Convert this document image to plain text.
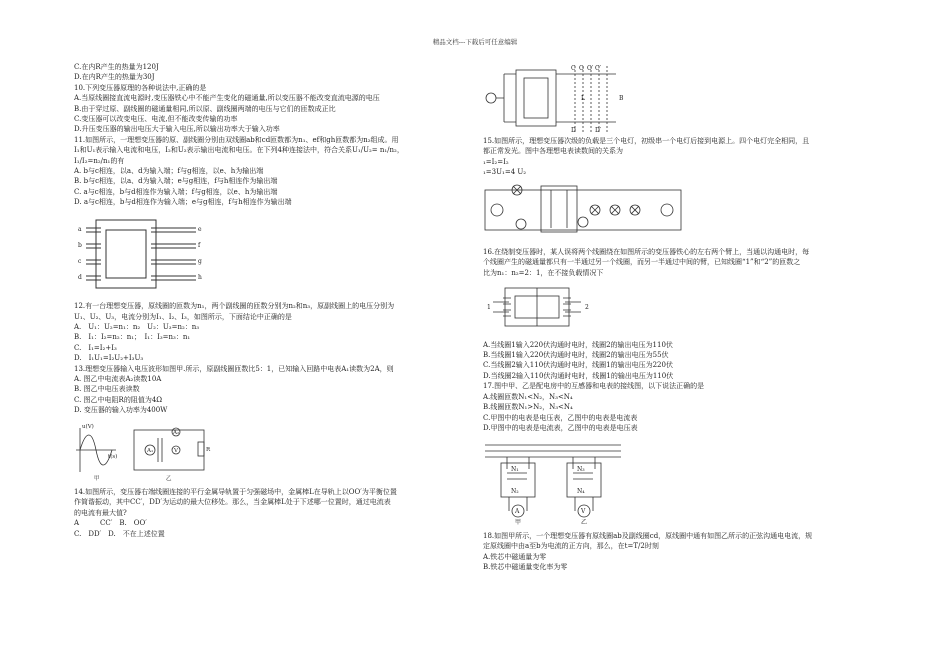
精品文档---下载后可任意编辑

C.在内R产生的热量为120J

D.在内R产生的热量为30J

10.下列变压器原理的各种说法中,正确的是

A.当原线圈接直流电源时,变压器铁心中不能产生变化的磁通量,所以变压器不能改变直流电源的电压

B.由于穿过原、副线圈的磁通量相同,所以原、副线圈两端的电压与它们的匝数成正比

C.变压器可以改变电压、电流,但不能改变传输的功率

D.升压变压器的输出电压大于输入电压,所以输出功率大于输入功率

11.如图所示，一理想变压器的原、副线圈分别由双线圈ab和cd匝数都为n₁、ef和gh匝数都为n₂组成。用

I₁和U₁表示输入电流和电压，I₂和U₂表示输出电流和电压。在下列4种连接法中，符合关系U₁/U₂= n₁/n₂，

I₁/I₂=n₂/n₁的有

A. b与c相连，以a、d为输入端；f与g相连，以e、h为输出端

B. b与c相连，以a、d为输入端；e与g相连，f与h相连作为输出端

C. a与c相连，b与d相连作为输入端；f与g相连，以e、h为输出端

D. a与c相连，b与d相连作为输入端；e与g相连，f与h相连作为输出端

a
b
c
d
e
f
g
h

12.有一台理想变压器，原线圈的匝数为n₁，两个副线圈的匝数分别为n₂和n₃，原副线圈上的电压分别为

U₁、U₂、U₃，电流分别为I₁、I₂、I₃，如图所示，下面结论中正确的是

A.　U₁：U₂=n₁：n₂　U₂：U₃=n₂：n₃

B.　I₁：I₂=n₂：n₁；　I₁：I₃=n₃：n₁

C.　I₁=I₂+I₃

D.　I₁U₁=I₂U₂+I₃U₃

13.理想变压器输入电压波形如图甲.所示，原副线圈匝数比5：1，已知输入回路中电表A₁读数为2A，则

A. 图乙中电流表A₂读数10A

B. 图乙中电压表读数

C. 图乙中电阻R的阻值为4Ω

D. 变压器的输入功率为400W

u(V)
t(s)
A₁
A₂
V	R
甲	乙

14.如图所示，变压器右端线圈连接的平行金属导轨置于匀强磁场中，金属棒L在导轨上以OO′为平衡位置

作简谐振动，其中CC′，DD′为运动的最大位移处。那么，当金属棒L处于下述哪一位置时，通过电流表

的电流有最大值?

A　　　CC′　B.　OO′

C.　DD′　D.　不在上述位置

C	C′
O O′
D	D′
B
L

15.如图所示，理想变压器次级的负载是三个电灯，初级串一个电灯后接到电源上。四个电灯完全相同，且

都正常发光。图中各理想电表读数间的关系为

₁=I₂=I₂

₁=3U₁=4 U₂

16.在绕制变压器时，某人误将两个线圈绕在如图所示的变压器铁心的左右两个臂上，当通以沟通电时，每

个线圈产生的磁通量都只有一半通过另一个线圈，而另一半通过中间的臂，已知线圈“1”和“2”的匝数之

比为n₁：n₂=2：1，在不接负载情况下

1	2

A.当线圈1输入220伏沟通时电时，线圈2的输出电压为110伏

B.当线圈1输入220伏沟通时电时，线圈2的输出电压为55伏

C.当线圈2输入110伏沟通时电时，线圈1的输出电压为220伏

D.当线圈2输入110伏沟通时电时，线圈1的输出电压为110伏

17.图中甲、乙是配电房中的互感器和电表的接线图，以下说法正确的是

A.线圈匝数N₁<N₂，N₃<N₄

B.线圈匝数N₁>N₂，N₃<N₄

C.甲图中的电表是电压表，乙图中的电表是电流表

D.甲图中的电表是电流表，乙图中的电表是电压表

N₁
N₂
N₃
N₄
甲	乙
A	V

18.如图甲所示，一个理想变压器有原线圈ab及副线圈cd，原线圈中通有如图乙所示的正弦沟通电电流，规

定原线圈中由a至b为电流的正方向，那么，在t=T/2时刻

A.铁芯中磁通量为零

B.铁芯中磁通量变化率为零
